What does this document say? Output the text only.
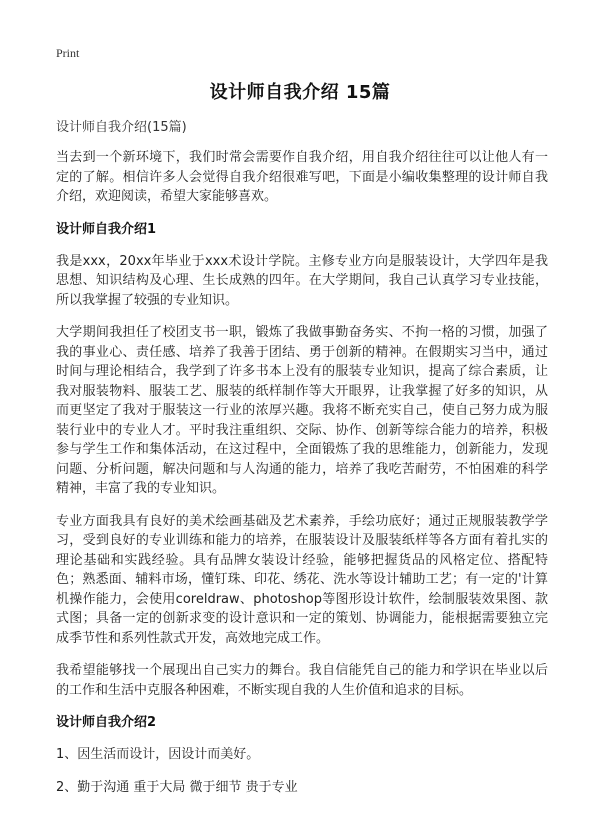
Print
设计师自我介绍 15篇
设计师自我介绍(15篇)

当去到一个新环境下，我们时常会需要作自我介绍，用自我介绍往往可以让他人有一定的了解。相信许多人会觉得自我介绍很难写吧，下面是小编收集整理的设计师自我介绍，欢迎阅读，希望大家能够喜欢。

设计师自我介绍1

我是xxx，20xx年毕业于xxx术设计学院。主修专业方向是服装设计，大学四年是我思想、知识结构及心理、生长成熟的四年。在大学期间，我自己认真学习专业技能，所以我掌握了较强的专业知识。

大学期间我担任了校团支书一职，锻炼了我做事勤奋务实、不拘一格的习惯，加强了我的事业心、责任感、培养了我善于团结、勇于创新的精神。在假期实习当中，通过时间与理论相结合，我学到了许多书本上没有的服装专业知识，提高了综合素质，让我对服装物料、服装工艺、服装的纸样制作等大开眼界，让我掌握了好多的知识，从而更坚定了我对于服装这一行业的浓厚兴趣。我将不断充实自己，使自己努力成为服装行业中的专业人才。平时我注重组织、交际、协作、创新等综合能力的培养，积极参与学生工作和集体活动，在这过程中，全面锻炼了我的思维能力，创新能力，发现问题、分析问题，解决问题和与人沟通的能力，培养了我吃苦耐劳，不怕困难的科学精神，丰富了我的专业知识。

专业方面我具有良好的美术绘画基础及艺术素养，手绘功底好；通过正规服装教学学习，受到良好的专业训练和能力的培养，在服装设计及服装纸样等各方面有着扎实的理论基础和实践经验。具有品牌女装设计经验，能够把握货品的风格定位、搭配特色；熟悉面、辅料市场，懂钉珠、印花、绣花、洗水等设计辅助工艺；有一定的'计算机操作能力，会使用coreldraw、photoshop等图形设计软件，绘制服装效果图、款式图；具备一定的创新求变的设计意识和一定的策划、协调能力，能根据需要独立完成季节性和系列性款式开发，高效地完成工作。

我希望能够找一个展现出自己实力的舞台。我自信能凭自己的能力和学识在毕业以后的工作和生活中克服各种困难，不断实现自我的人生价值和追求的目标。

设计师自我介绍2
1、因生活而设计，因设计而美好。
2、勤于沟通 重于大局 微于细节 贵于专业
